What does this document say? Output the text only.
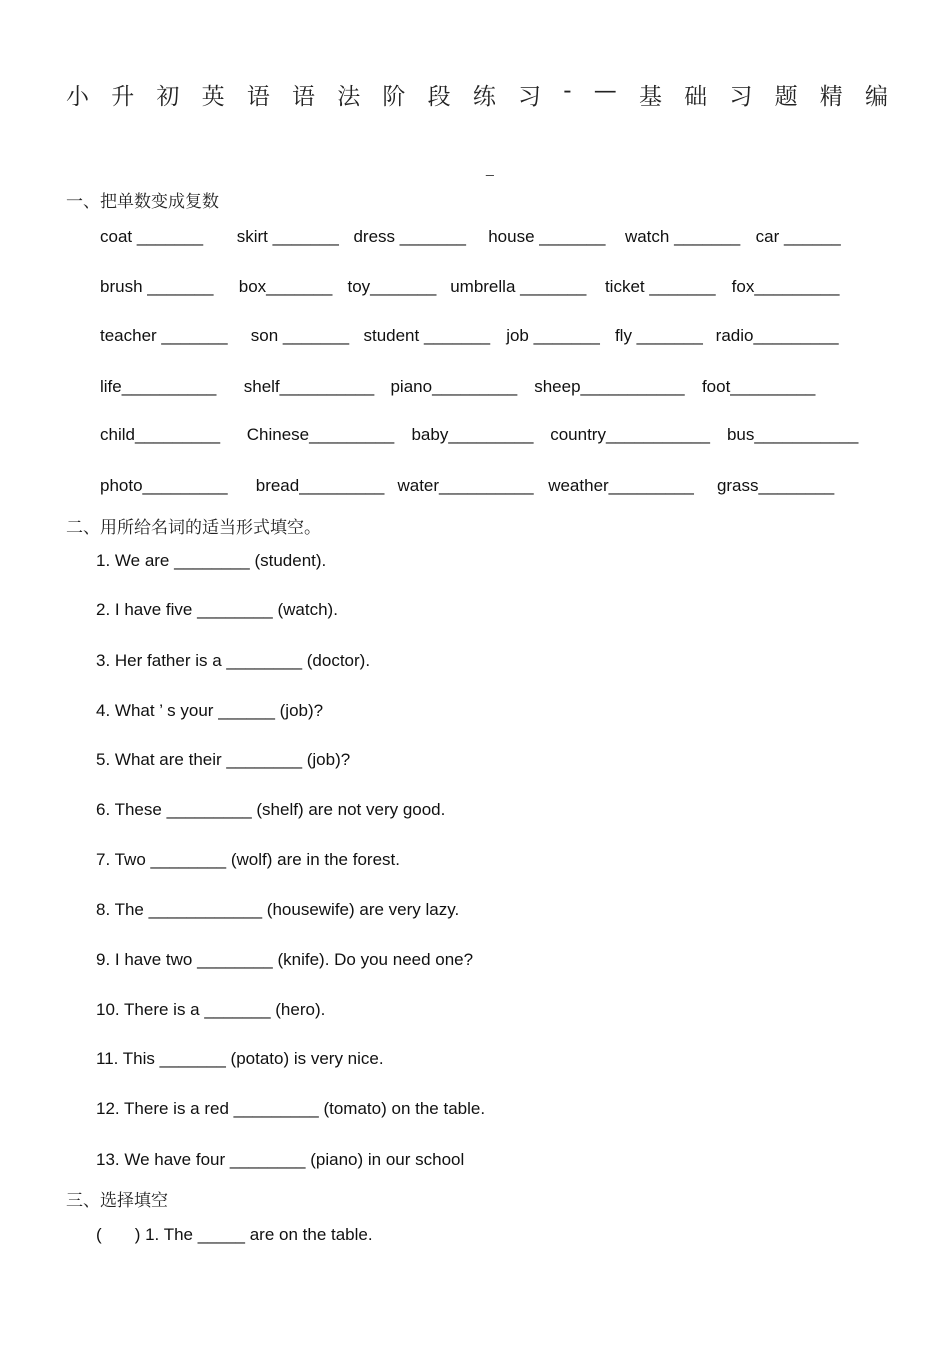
小 升 初 英 语 语 法 阶 段 练 习 - — 基 础 习 题 精 编
_
一、把单数变成复数
coat _______ skirt _______ dress _______ house _______ watch _______ car ______
brush _______ box_______ toy_______ umbrella _______ ticket _______ fox_________
teacher _______ son _______ student _______ job _______ fly _______ radio_________
life__________ shelf__________ piano_________ sheep___________ foot_________
child_________ Chinese_________ baby_________ country___________ bus___________
photo_________ bread_________ water__________ weather_________ grass________
二、用所给名词的适当形式填空。
1. We are ________ (student).
2. I have five ________ (watch).
3. Her father is a ________ (doctor).
4. What ’ s your ______ (job)?
5. What are their ________ (job)?
6. These _________ (shelf) are not very good.
7. Two ________ (wolf) are in the forest.
8. The ____________ (housewife) are very lazy.
9. I have two ________ (knife). Do you need one?
10. There is a _______ (hero).
11. This _______ (potato) is very nice.
12. There is a red _________ (tomato) on the table.
13. We have four ________ (piano) in our school
三、选择填空
(       ) 1. The _____ are on the table.
